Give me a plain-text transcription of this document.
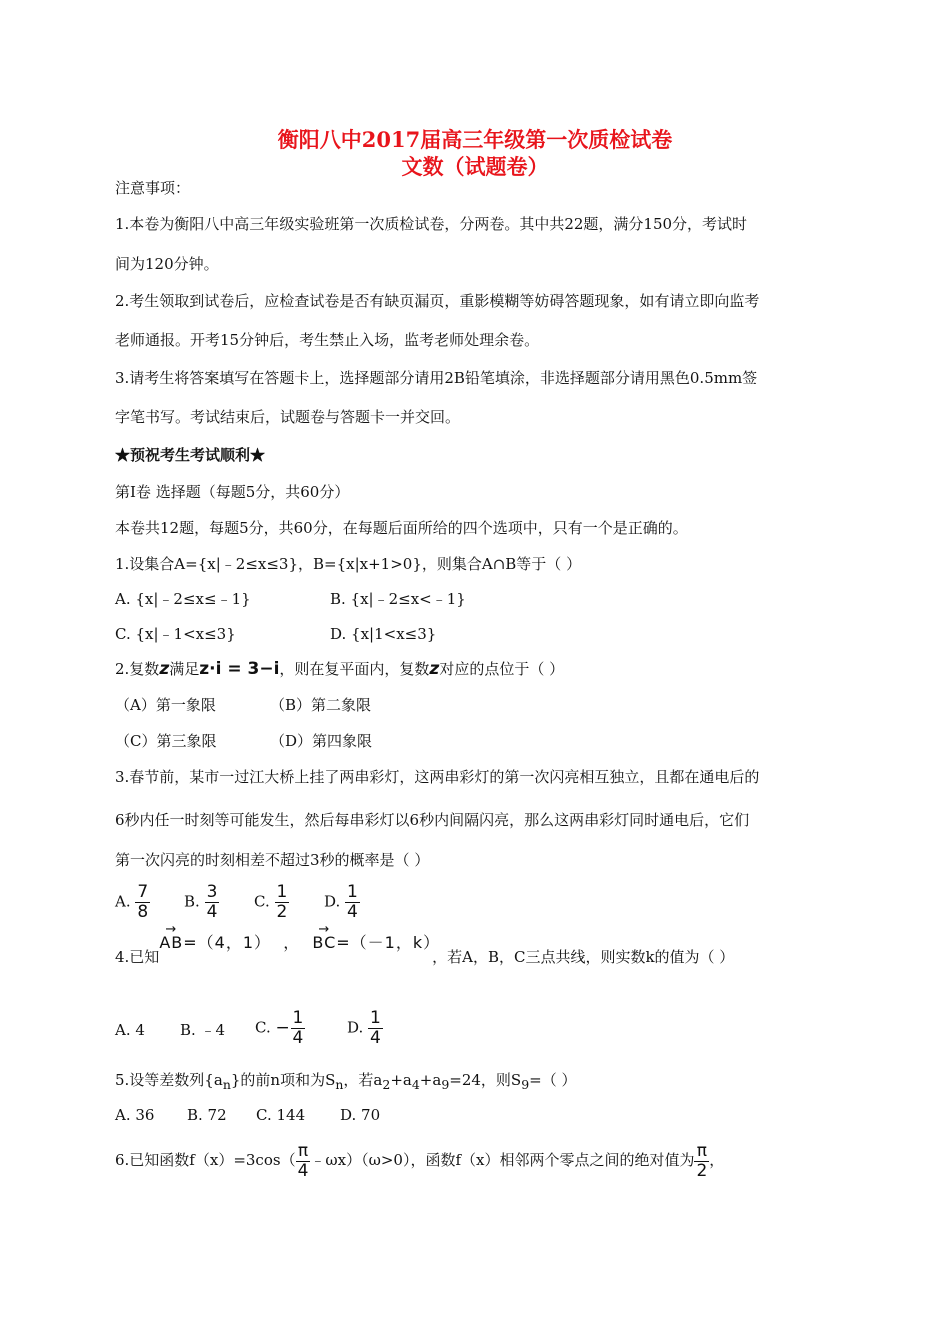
衡阳八中2017届高三年级第一次质检试卷
文数（试题卷）
注意事项：
1.本卷为衡阳八中高三年级实验班第一次质检试卷，分两卷。其中共22题，满分150分，考试时
间为120分钟。
2.考生领取到试卷后，应检查试卷是否有缺页漏页，重影模糊等妨碍答题现象，如有请立即向监考
老师通报。开考15分钟后，考生禁止入场，监考老师处理余卷。
3.请考生将答案填写在答题卡上，选择题部分请用2B铅笔填涂，非选择题部分请用黑色0.5mm签
字笔书写。考试结束后，试题卷与答题卡一并交回。
★预祝考生考试顺利★
第Ⅰ卷 选择题（每题5分，共60分）
本卷共12题，每题5分，共60分，在每题后面所给的四个选项中，只有一个是正确的。
1.设集合A={x|﹣2≤x≤3}，B={x|x+1>0}，则集合A∩B等于（ ）
A. {x|﹣2≤x≤﹣1}	B. {x|﹣2≤x<﹣1}
C. {x|﹣1<x≤3}	D. {x|1<x≤3}
2.复数z满足z·i = 3−i，则在复平面内，复数z对应的点位于（ ）
（A）第一象限	（B）第二象限
（C）第三象限	（D）第四象限
3.春节前，某市一过江大桥上挂了两串彩灯，这两串彩灯的第一次闪亮相互独立，且都在通电后的
6秒内任一时刻等可能发生，然后每串彩灯以6秒内间隔闪亮，那么这两串彩灯同时通电后，它们
第一次闪亮的时刻相差不超过3秒的概率是（ ）
A. $\frac{7}{8} B$. $\frac{3}{4} C$. $\frac{1}{2} D$. $\frac{1}{4}$
4.已知→ AB=（4，1） ，  → BC=（－1，k），若A，B，C三点共线，则实数k的值为（ ）
A. 4 B. ﹣4 C. − $\frac{1}{4}$	D. $\frac{1}{4}$
5.设等差数列$\{a_n\}$的前n项和为$S_n$，若$a_2+a_4+a_9=24$，则$S_9=$（ ）
A. 36 B. 72 C. 144 D. 70
6.已知函数$f(x)=3\cos( \frac{\pi}{4}$ ﹣ωx）（ω>0），函数f（x）相邻两个零点之间的绝对值为 $\frac{\pi}{2}$ ，
